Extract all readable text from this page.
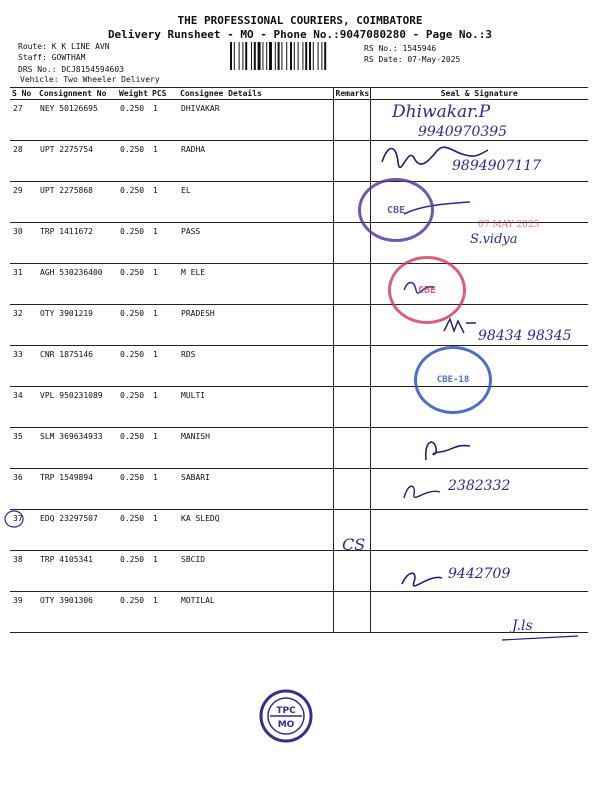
THE PROFESSIONAL COURIERS, COIMBATORE
Delivery Runsheet - MO - Phone No.:9047080280 - Page No.:3
Route: K K LINE AVN
Staff: GOWTHAM
DRS No.: DCJ8154594603
Vehicle: Two Wheeler Delivery
RS No.: 1545946
RS Date: 07-May-2025
S No	Consignment No	Weight	PCS	Consignee Details	Remarks	Seal & Signature
27	NEY 50126695	0.250	1	DHIVAKAR		
28	UPT 2275754	0.250	1	RADHA		
29	UPT 2275868	0.250	1	EL		
30	TRP 1411672	0.250	1	PASS		
31	AGH 530236400	0.250	1	M ELE		
32	OTY 3901219	0.250	1	PRADESH		
33	CNR 1875146	0.250	1	RDS		
34	VPL 950231089	0.250	1	MULTI		
35	SLM 369634933	0.250	1	MANISH		
36	TRP 1549894	0.250	1	SABARI		
37	EDQ 23297507	0.250	1	KA SLEDQ		
38	TRP 4105341	0.250	1	SBCID		
39	OTY 3901306	0.250	1	MOTILAL		
Dhiwakar.P
9940970395
9894907117
S.vidya
98434 98345
2382332
CS
9442709
J.ls
CBE
07 MAY 2025
CBE
CBE-18
TPC
MO
